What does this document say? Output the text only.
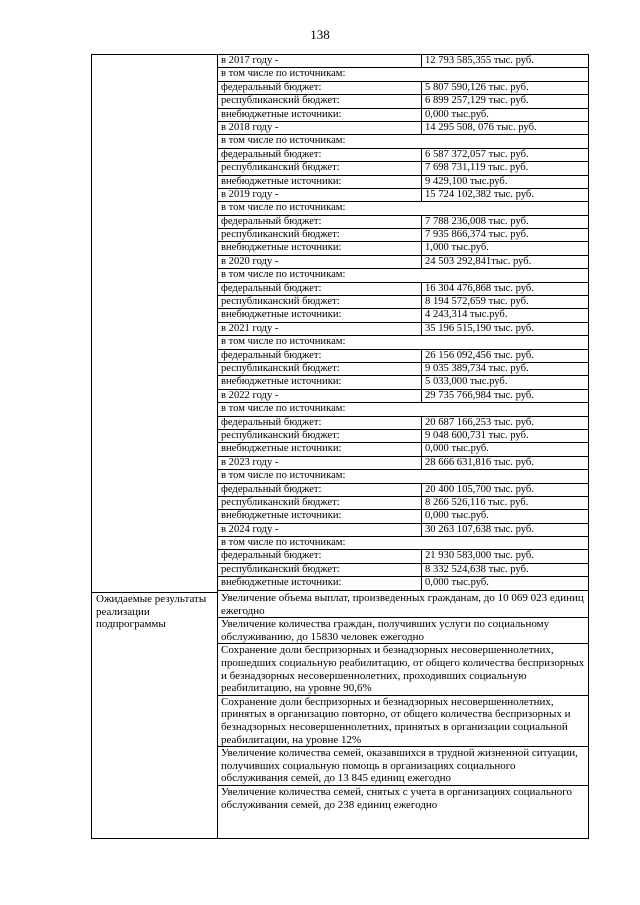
138
Ожидаемые результаты реализации подпрограммы
в 2017 году -	12 793 585,355 тыс. руб.
в том числе по источникам:
федеральный бюджет:	5 807 590,126 тыс. руб.
республиканский бюджет:	6 899 257,129 тыс. руб.
внебюджетные источники:	0,000 тыс.руб.
в 2018 году -	14 295 508, 076 тыс. руб.
в том числе по источникам:
федеральный бюджет:	6 587 372,057 тыс. руб.
республиканский бюджет:	7 698 731,119 тыс. руб.
внебюджетные источники:	9 429,100 тыс.руб.
в 2019 году -	15 724 102,382 тыс. руб.
в том числе по источникам:
федеральный бюджет:	7 788 236,008 тыс. руб.
республиканский бюджет:	7 935 866,374 тыс. руб.
внебюджетные источники:	1,000 тыс.руб.
в 2020 году -	24 503 292,841тыс. руб.
в том числе по источникам:
федеральный бюджет:	16 304 476,868 тыс. руб.
республиканский бюджет:	8 194 572,659 тыс. руб.
внебюджетные источники:	4 243,314 тыс.руб.
в 2021 году -	35 196 515,190 тыс. руб.
в том числе по источникам:
федеральный бюджет:	26 156 092,456 тыс. руб.
республиканский бюджет:	9 035 389,734 тыс. руб.
внебюджетные источники:	5 033,000 тыс.руб.
в 2022 году -	29 735 766,984 тыс. руб.
в том числе по источникам:
федеральный бюджет:	20 687 166,253 тыс. руб.
республиканский бюджет:	9 048 600,731 тыс. руб.
внебюджетные источники:	0,000 тыс.руб.
в 2023 году -	28 666 631,816 тыс. руб.
в том числе по источникам:
федеральный бюджет:	20 400 105,700 тыс. руб.
республиканский бюджет:	8 266 526,116 тыс. руб.
внебюджетные источники:	0,000 тыс.руб.
в 2024 году -	30 263 107,638 тыс. руб.
в том числе по источникам:
федеральный бюджет:	21 930 583,000 тыс. руб.
республиканский бюджет:	8 332 524,638 тыс. руб.
внебюджетные источники:	0,000 тыс.руб.
Увеличение объема выплат, произведенных гражданам, до 10 069 023 единиц ежегодно
Увеличение количества граждан, получивших услуги по социальному обслуживанию, до 15830 человек ежегодно
Сохранение доли беспризорных и безнадзорных несовершеннолетних, прошедших социальную реабилитацию, от общего количества беспризорных и безнадзорных несовершеннолетних, проходивших социальную реабилитацию, на уровне 90,6%
Сохранение доли беспризорных и безнадзорных несовершеннолетних, принятых в организацию повторно, от общего количества беспризорных и безнадзорных несовершеннолетних, принятых в организации социальной реабилитации, на уровне 12%
Увеличение количества семей, оказавшихся в трудной жизненной ситуации, получивших социальную помощь в организациях социального обслуживания семей, до 13 845 единиц ежегодно
Увеличение количества семей, снятых с учета в организациях социального обслуживания семей, до 238 единиц ежегодно
